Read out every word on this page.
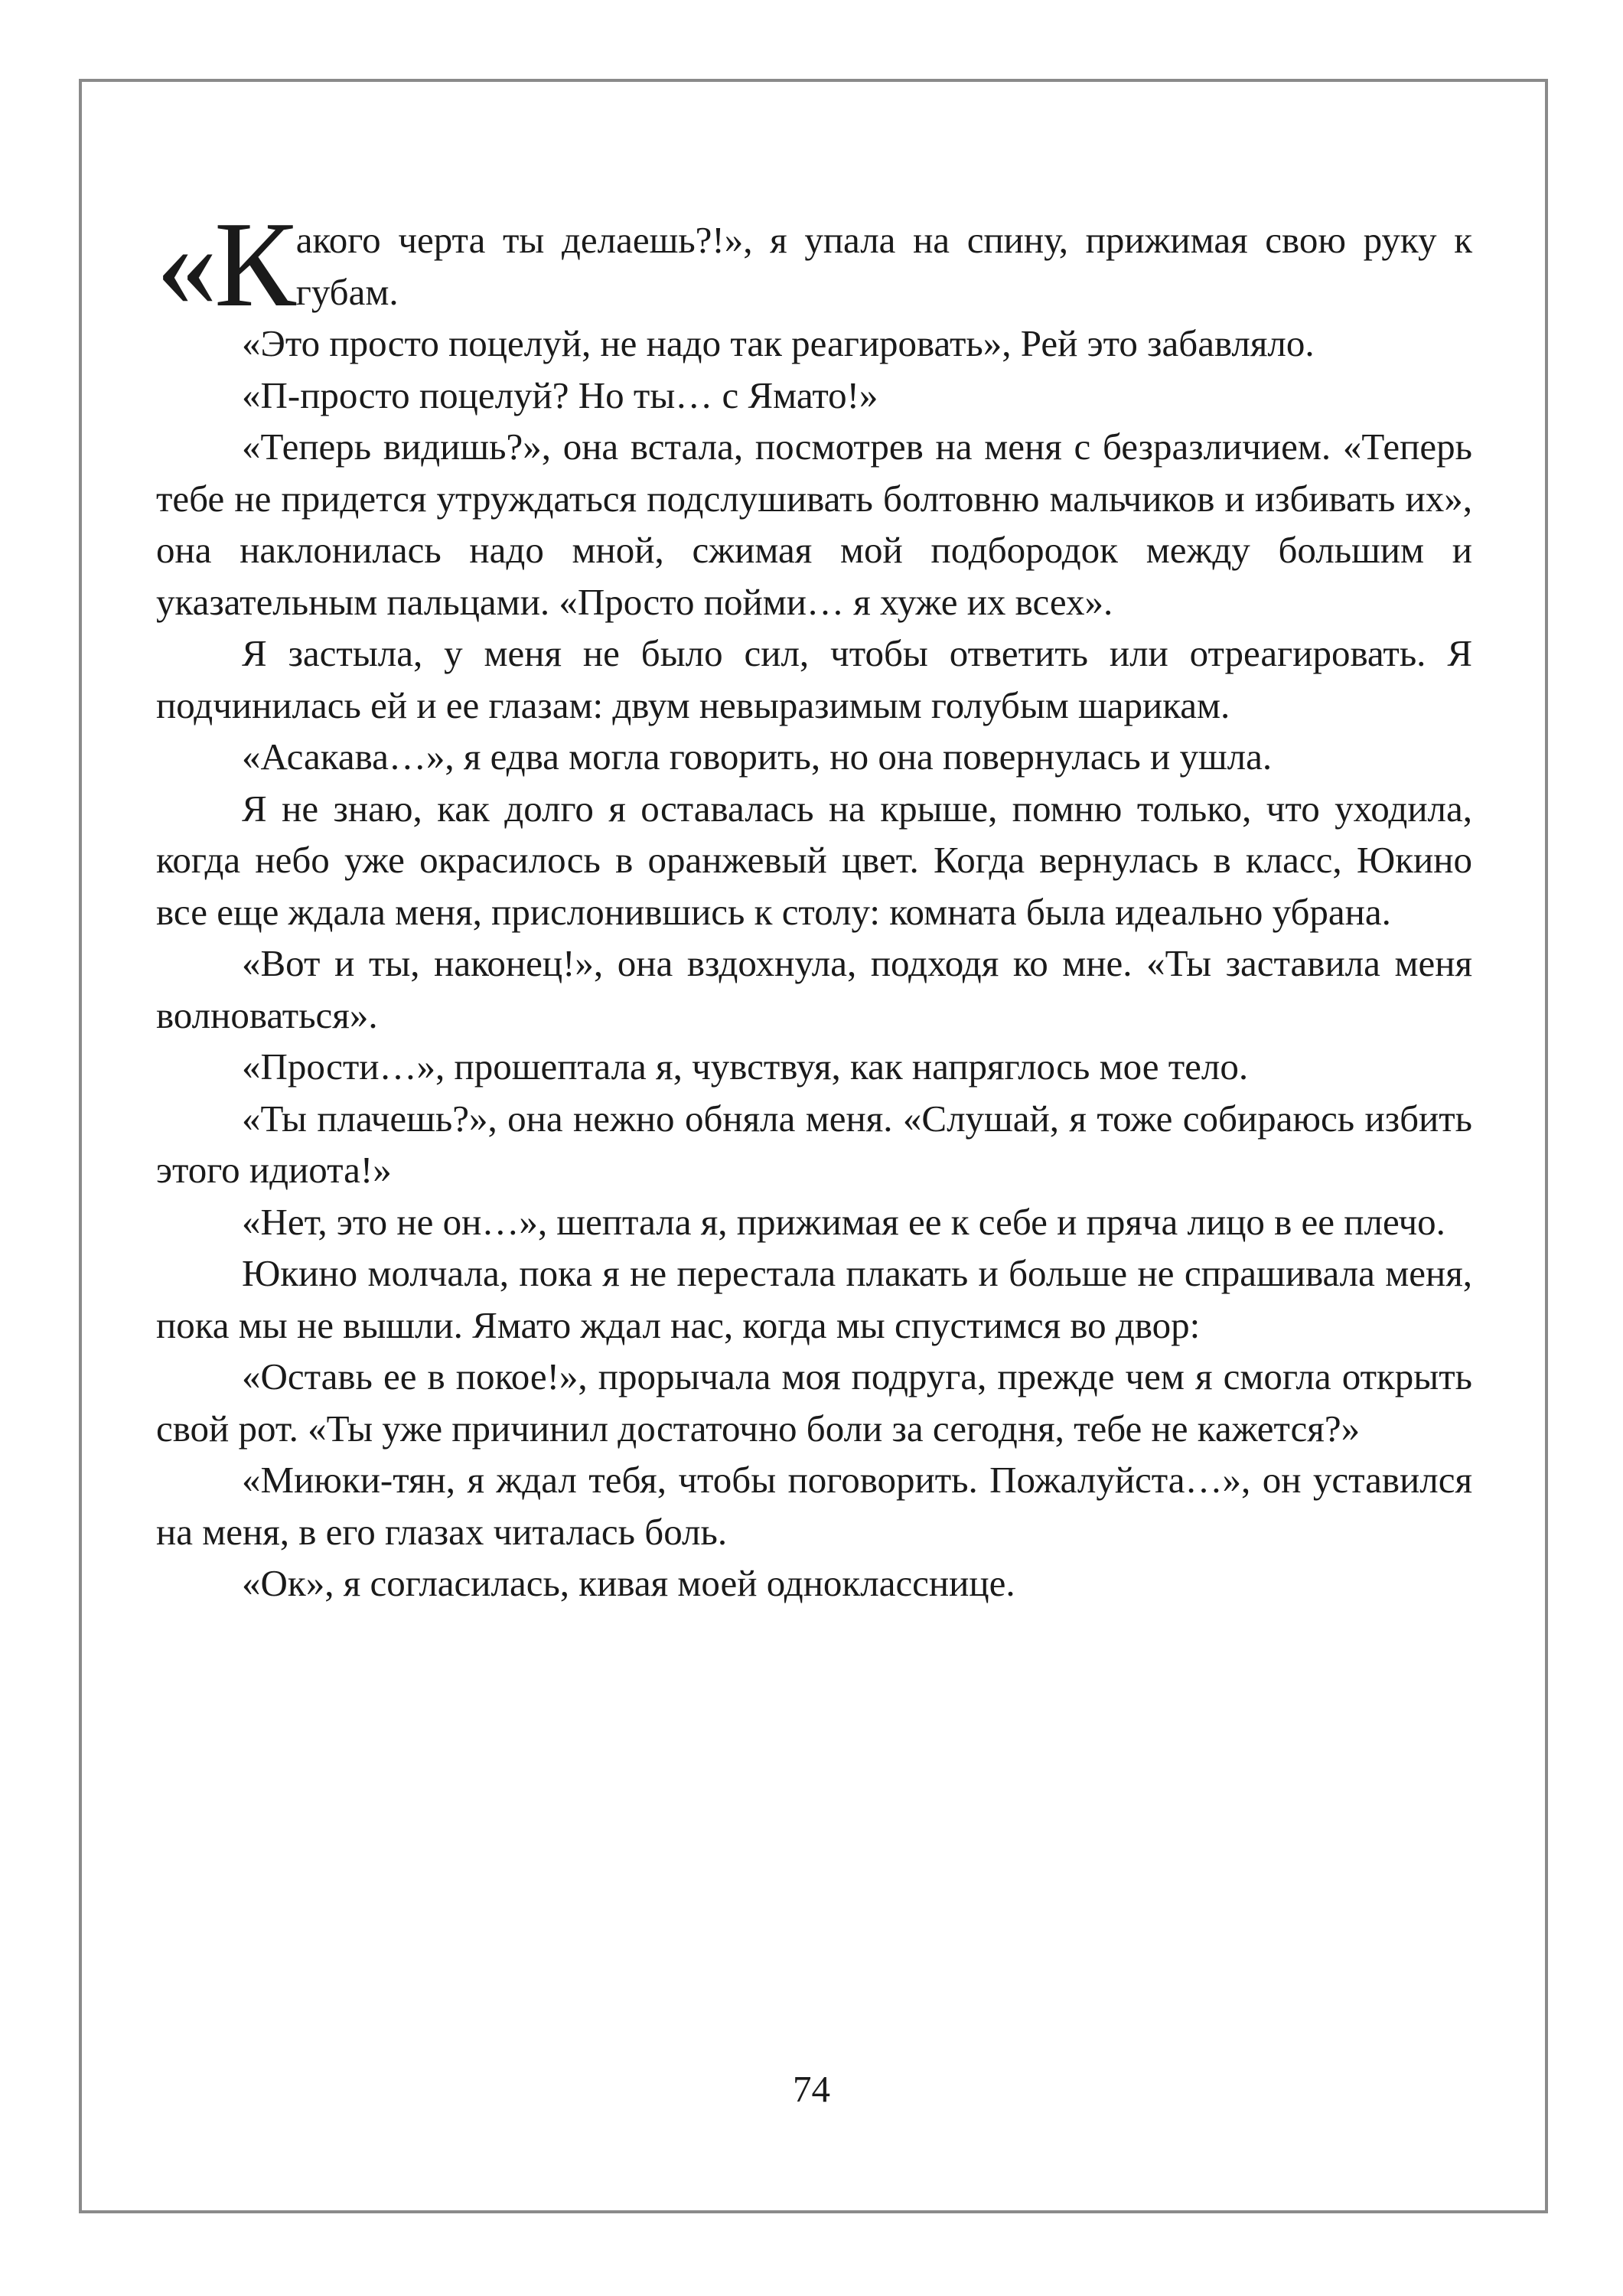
«Какого черта ты делаешь?!», я упала на спину, прижимая свою руку к губам.

«Это просто поцелуй, не надо так реагировать», Рей это забавляло.

«П-просто поцелуй? Но ты… с Ямато!»

«Теперь видишь?», она встала, посмотрев на меня с безразличием. «Теперь тебе не придется утруждаться подслушивать болтовню мальчиков и избивать их», она наклонилась надо мной, сжимая мой подбородок между большим и указательным пальцами. «Просто пойми… я хуже их всех».

Я застыла, у меня не было сил, чтобы ответить или отреагировать. Я подчинилась ей и ее глазам: двум невыразимым голубым шарикам.

«Асакава…», я едва могла говорить, но она повернулась и ушла.

Я не знаю, как долго я оставалась на крыше, помню только, что уходила, когда небо уже окрасилось в оранжевый цвет. Когда вернулась в класс, Юкино все еще ждала меня, прислонившись к столу: комната была идеально убрана.

«Вот и ты, наконец!», она вздохнула, подходя ко мне. «Ты заставила меня волноваться».

«Прости…», прошептала я, чувствуя, как напряглось мое тело.

«Ты плачешь?», она нежно обняла меня. «Слушай, я тоже собираюсь избить этого идиота!»

«Нет, это не он…», шептала я, прижимая ее к себе и пряча лицо в ее плечо.

Юкино молчала, пока я не перестала плакать и больше не спрашивала меня, пока мы не вышли. Ямато ждал нас, когда мы спустимся во двор:

«Оставь ее в покое!», прорычала моя подруга, прежде чем я смогла открыть свой рот. «Ты уже причинил достаточно боли за сегодня, тебе не кажется?»

«Миюки-тян, я ждал тебя, чтобы поговорить. Пожалуйста…», он уставился на меня, в его глазах читалась боль.

«Ок», я согласилась, кивая моей однокласснице.

74
